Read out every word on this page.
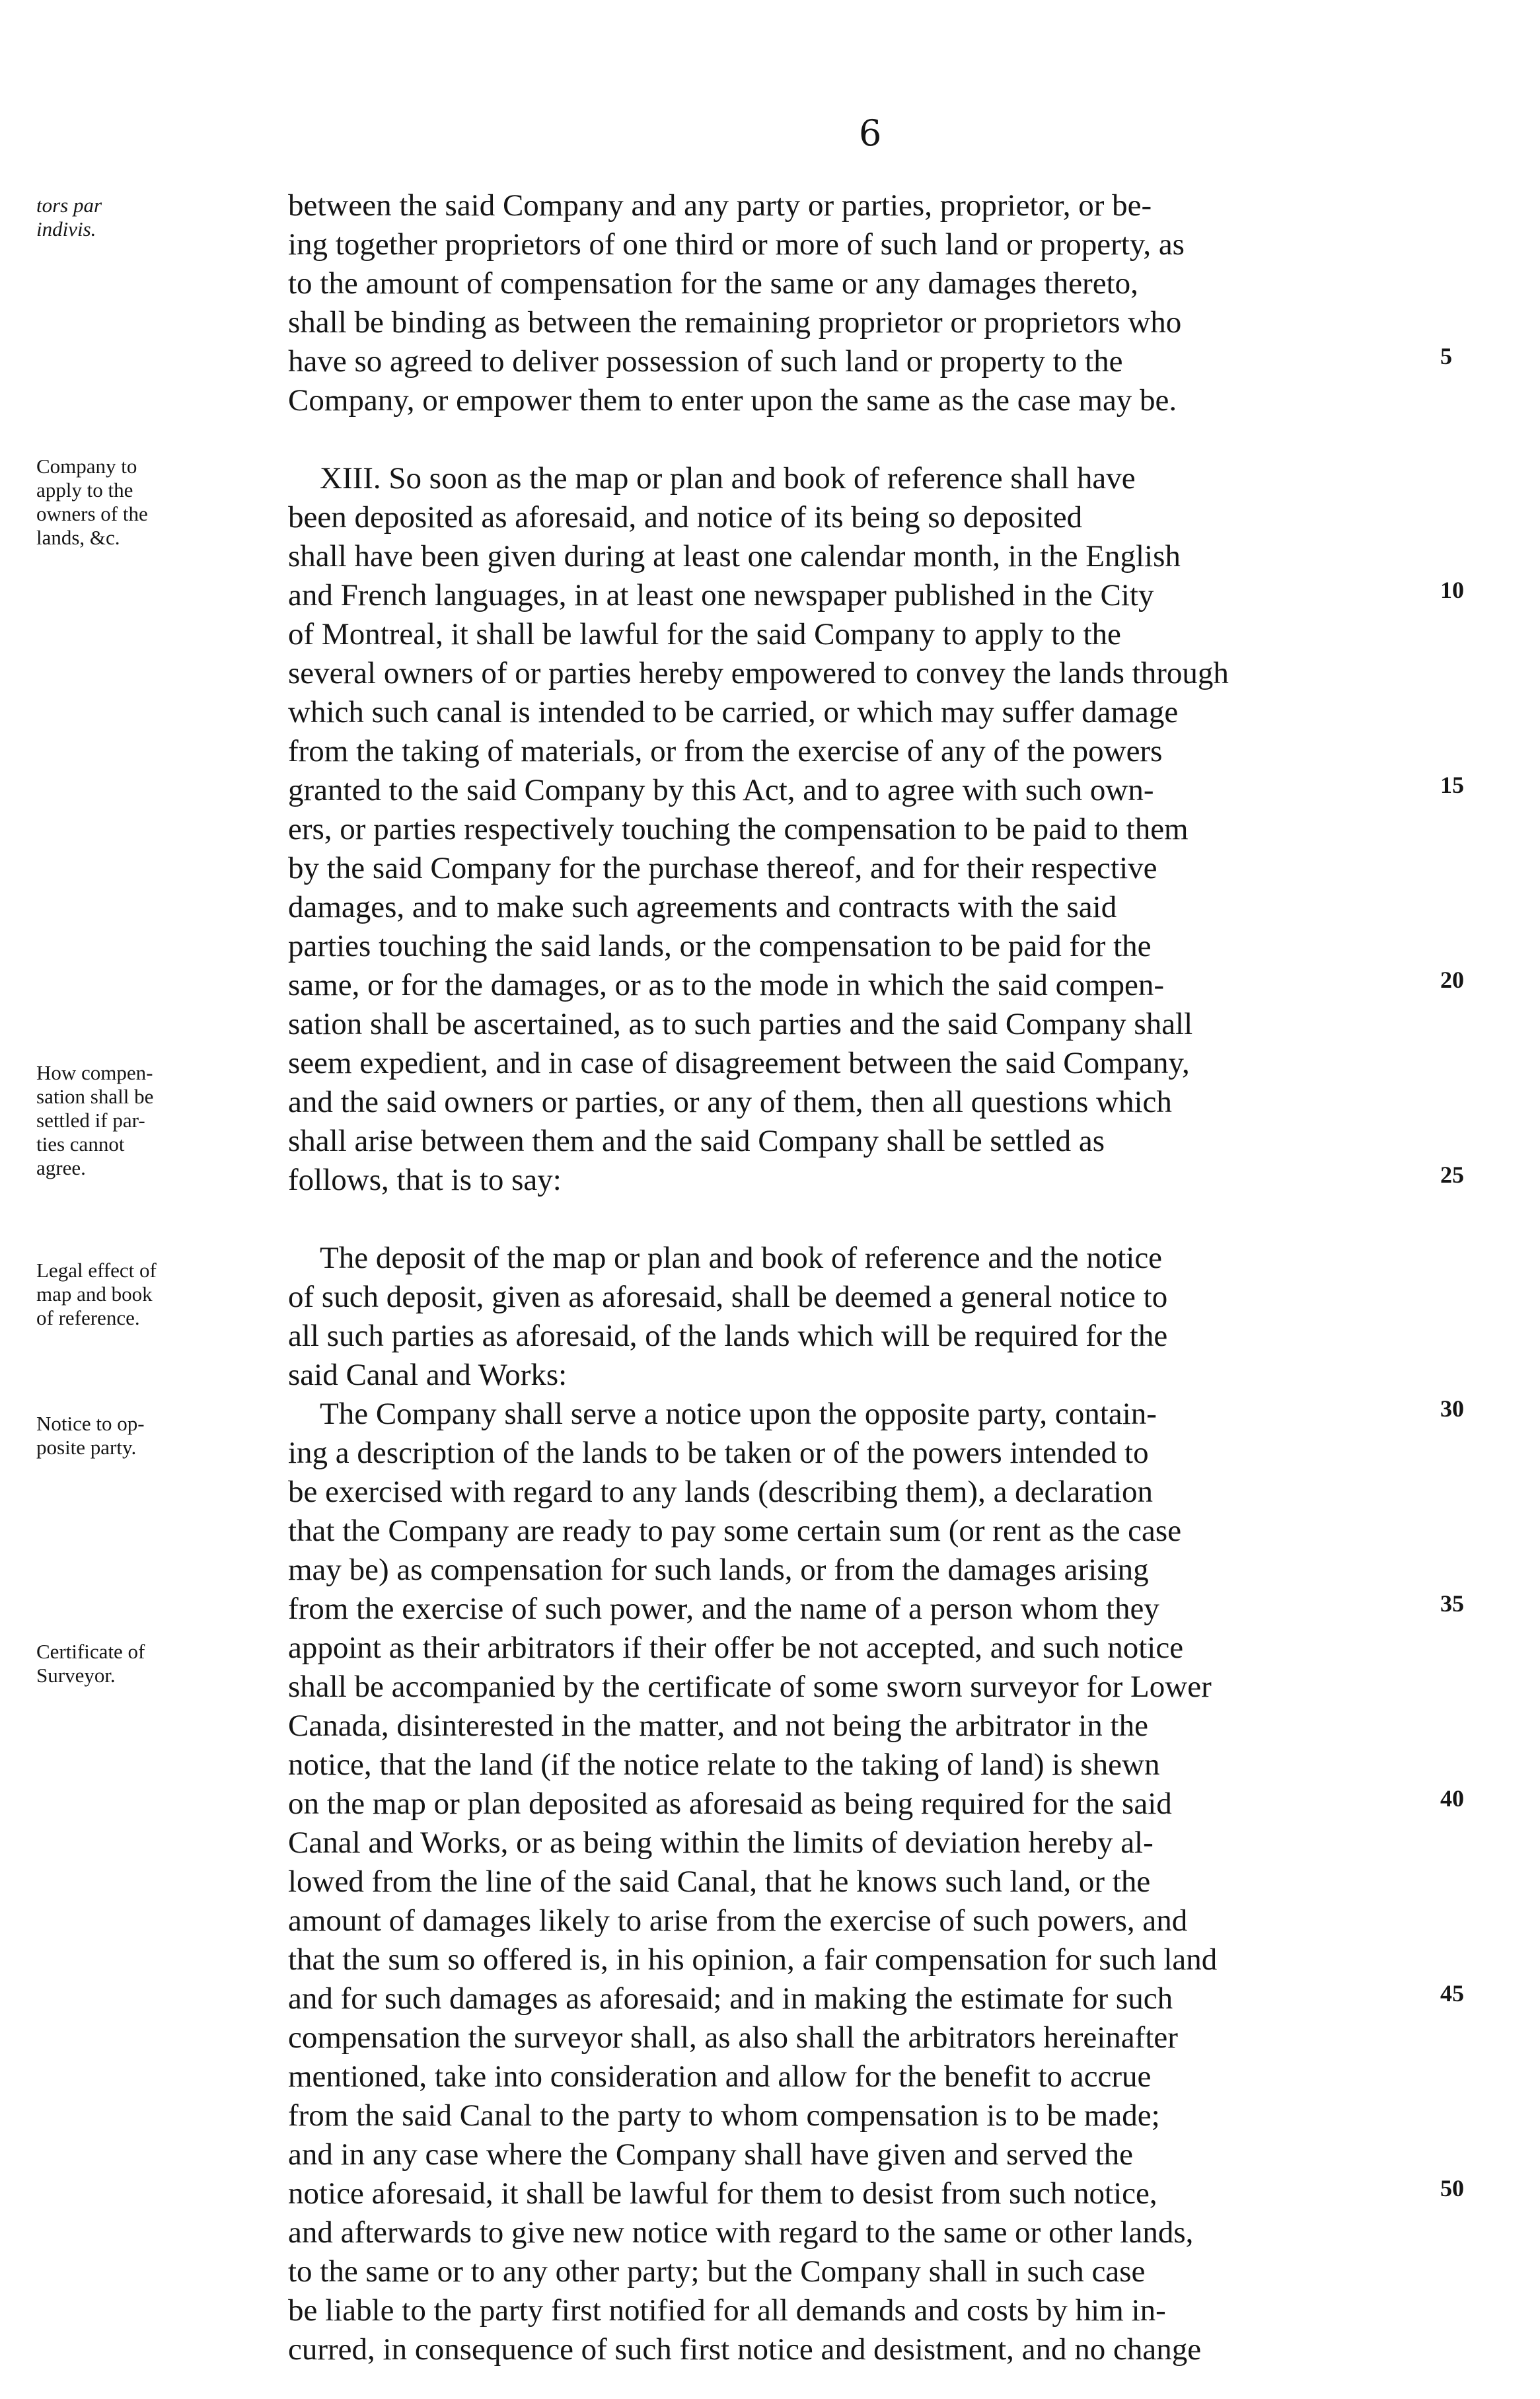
6
tors par
indivis.
Company to
apply to the
owners of the
lands, &c.
How compen-
sation shall be
settled if par-
ties cannot
agree.
Legal effect of
map and book
of reference.
Notice to op-
posite party.
Certificate of
Surveyor.
between the said Company and any party or parties, proprietor, or be-
ing together proprietors of one third or more of such land or property, as
to the amount of compensation for the same or any damages thereto,
shall be binding as between the remaining proprietor or proprietors who
have so agreed to deliver possession of such land or property to the
Company, or empower them to enter upon the same as the case may be.
XIII. So soon as the map or plan and book of reference shall have
been deposited as aforesaid, and notice of its being so deposited
shall have been given during at least one calendar month, in the English
and French languages, in at least one newspaper published in the City
of Montreal, it shall be lawful for the said Company to apply to the
several owners of or parties hereby empowered to convey the lands through
which such canal is intended to be carried, or which may suffer damage
from the taking of materials, or from the exercise of any of the powers
granted to the said Company by this Act, and to agree with such own-
ers, or parties respectively touching the compensation to be paid to them
by the said Company for the purchase thereof, and for their respective
damages, and to make such agreements and contracts with the said
parties touching the said lands, or the compensation to be paid for the
same, or for the damages, or as to the mode in which the said compen-
sation shall be ascertained, as to such parties and the said Company shall
seem expedient, and in case of disagreement between the said Company,
and the said owners or parties, or any of them, then all questions which
shall arise between them and the said Company shall be settled as
follows, that is to say:
The deposit of the map or plan and book of reference and the notice
of such deposit, given as aforesaid, shall be deemed a general notice to
all such parties as aforesaid, of the lands which will be required for the
said Canal and Works:
The Company shall serve a notice upon the opposite party, contain-
ing a description of the lands to be taken or of the powers intended to
be exercised with regard to any lands (describing them), a declaration
that the Company are ready to pay some certain sum (or rent as the case
may be) as compensation for such lands, or from the damages arising
from the exercise of such power, and the name of a person whom they
appoint as their arbitrators if their offer be not accepted, and such notice
shall be accompanied by the certificate of some sworn surveyor for Lower
Canada, disinterested in the matter, and not being the arbitrator in the
notice, that the land (if the notice relate to the taking of land) is shewn
on the map or plan deposited as aforesaid as being required for the said
Canal and Works, or as being within the limits of deviation hereby al-
lowed from the line of the said Canal, that he knows such land, or the
amount of damages likely to arise from the exercise of such powers, and
that the sum so offered is, in his opinion, a fair compensation for such land
and for such damages as aforesaid; and in making the estimate for such
compensation the surveyor shall, as also shall the arbitrators hereinafter
mentioned, take into consideration and allow for the benefit to accrue
from the said Canal to the party to whom compensation is to be made;
and in any case where the Company shall have given and served the
notice aforesaid, it shall be lawful for them to desist from such notice,
and afterwards to give new notice with regard to the same or other lands,
to the same or to any other party; but the Company shall in such case
be liable to the party first notified for all demands and costs by him in-
curred, in consequence of such first notice and desistment, and no change
5
10
15
20
25
30
35
40
45
50
